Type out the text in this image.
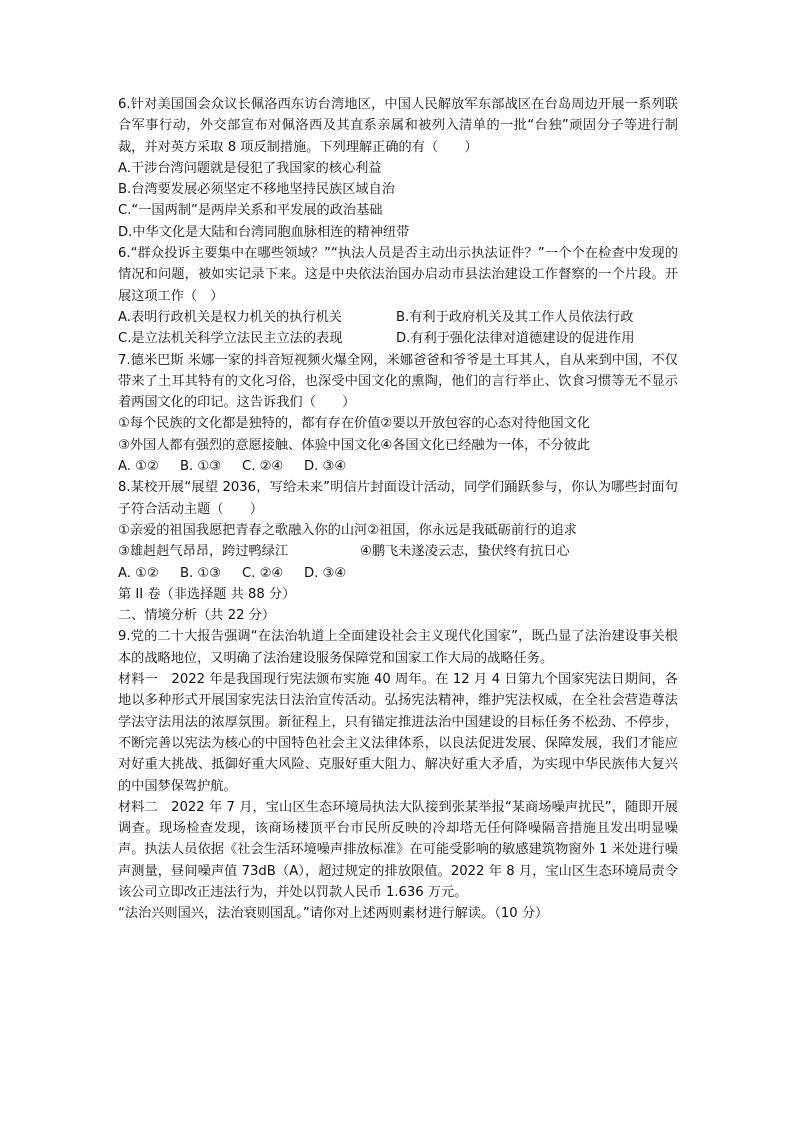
6.针对美国国会众议长佩洛西东访台湾地区，中国人民解放军东部战区在台岛周边开展一系列联合军事行动，外交部宣布对佩洛西及其直系亲属和被列入清单的一批“台独”顽固分子等进行制裁，并对英方采取 8 项反制措施。下列理解正确的有（　　）
A.干涉台湾问题就是侵犯了我国家的核心利益
B.台湾要发展必须坚定不移地坚持民族区域自治
C.“一国两制”是两岸关系和平发展的政治基础
D.中华文化是大陆和台湾同胞血脉相连的精神纽带
6.“群众投诉主要集中在哪些领域？”“执法人员是否主动出示执法证件？”一个个在检查中发现的情况和问题，被如实记录下来。这是中央依法治国办启动市县法治建设工作督察的一个片段。开展这项工作（　）
A.表明行政机关是权力机关的执行机关	B.有利于政府机关及其工作人员依法行政
C.是立法机关科学立法民主立法的表现	D.有利于强化法律对道德建设的促进作用
7.德米巴斯 米娜一家的抖音短视频火爆全网，米娜爸爸和爷爷是土耳其人，自从来到中国，不仅带来了土耳其特有的文化习俗，也深受中国文化的熏陶，他们的言行举止、饮食习惯等无不显示着两国文化的印记。这告诉我们（　　）
①每个民族的文化都是独特的，都有存在价值 ②要以开放包容的心态对待他国文化
③外国人都有强烈的意愿接触、体验中国文化 ④各国文化已经融为一体，不分彼此
A. ①②	B. ①③	C. ②④	D. ③④
8.某校开展“展望 2036，写给未来”明信片封面设计活动，同学们踊跃参与，你认为哪些封面句子符合活动主题（　　）
①亲爱的祖国我愿把青春之歌融入你的山河 ②祖国，你永远是我砥砺前行的追求
③雄赳赳气昂昂，跨过鸭绿江	④鹏飞未遂凌云志，蛰伏终有抗日心
A. ①②	B. ①③	C. ②④	D. ③④
第 II 卷（非选择题 共 88 分）
二、情境分析（共 22 分）
9.党的二十大报告强调“在法治轨道上全面建设社会主义现代化国家”，既凸显了法治建设事关根本的战略地位，又明确了法治建设服务保障党和国家工作大局的战略任务。
材料一　2022 年是我国现行宪法颁布实施 40 周年。在 12 月 4 日第九个国家宪法日期间，各地以多种形式开展国家宪法日法治宣传活动。弘扬宪法精神，维护宪法权威，在全社会营造尊法学法守法用法的浓厚氛围。新征程上，只有锚定推进法治中国建设的目标任务不松劲、不停步，不断完善以宪法为核心的中国特色社会主义法律体系，以良法促进发展、保障发展，我们才能应对好重大挑战、抵御好重大风险、克服好重大阻力、解决好重大矛盾，为实现中华民族伟大复兴的中国梦保驾护航。
材料二　2022 年 7 月，宝山区生态环境局执法大队接到张某举报“某商场噪声扰民”，随即开展调查。现场检查发现，该商场楼顶平台市民所反映的冷却塔无任何降噪隔音措施且发出明显噪声。执法人员依据《社会生活环境噪声排放标准》在可能受影响的敏感建筑物窗外 1 米处进行噪声测量，昼间噪声值 73dB（A），超过规定的排放限值。2022 年 8 月，宝山区生态环境局责令该公司立即改正违法行为，并处以罚款人民币 1.636 万元。
“法治兴则国兴，法治衰则国乱。”请你对上述两则素材进行解读。（10 分）
